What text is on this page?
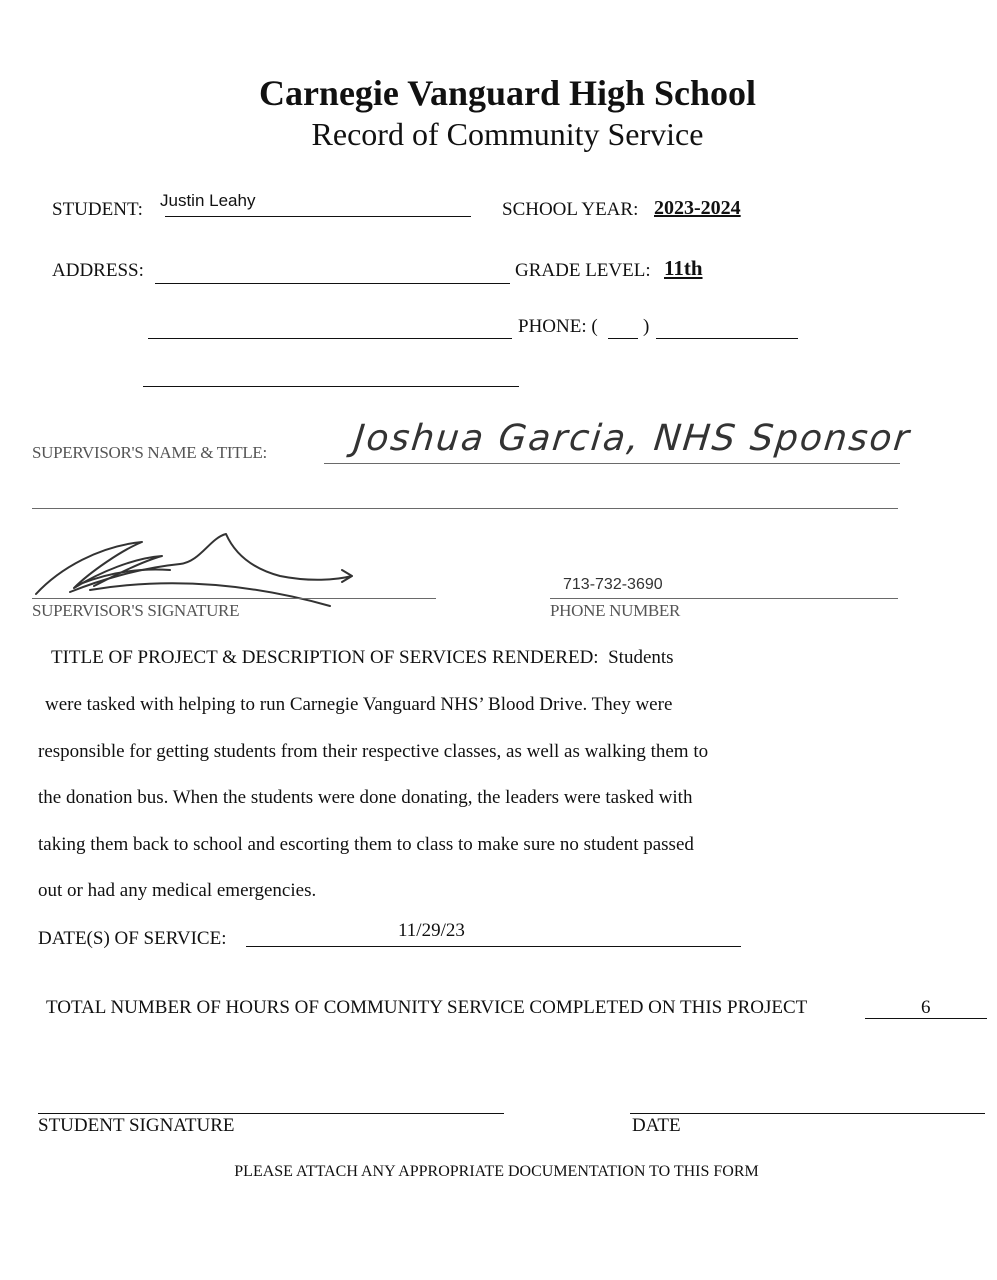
Carnegie Vanguard High School
Record of Community Service
STUDENT: Justin Leahy	SCHOOL YEAR: 2023-2024
ADDRESS:	GRADE LEVEL: 11th
PHONE: ( )
SUPERVISOR'S NAME & TITLE: Joshua Garcia, NHS Sponsor
SUPERVISOR'S SIGNATURE
713-732-3690
PHONE NUMBER
TITLE OF PROJECT & DESCRIPTION OF SERVICES RENDERED: Students
were tasked with helping to run Carnegie Vanguard NHS’ Blood Drive. They were
responsible for getting students from their respective classes, as well as walking them to
the donation bus. When the students were done donating, the leaders were tasked with
taking them back to school and escorting them to class to make sure no student passed
out or had any medical emergencies.
DATE(S) OF SERVICE:	11/29/23
TOTAL NUMBER OF HOURS OF COMMUNITY SERVICE COMPLETED ON THIS PROJECT	6
STUDENT SIGNATURE	DATE
PLEASE ATTACH ANY APPROPRIATE DOCUMENTATION TO THIS FORM
